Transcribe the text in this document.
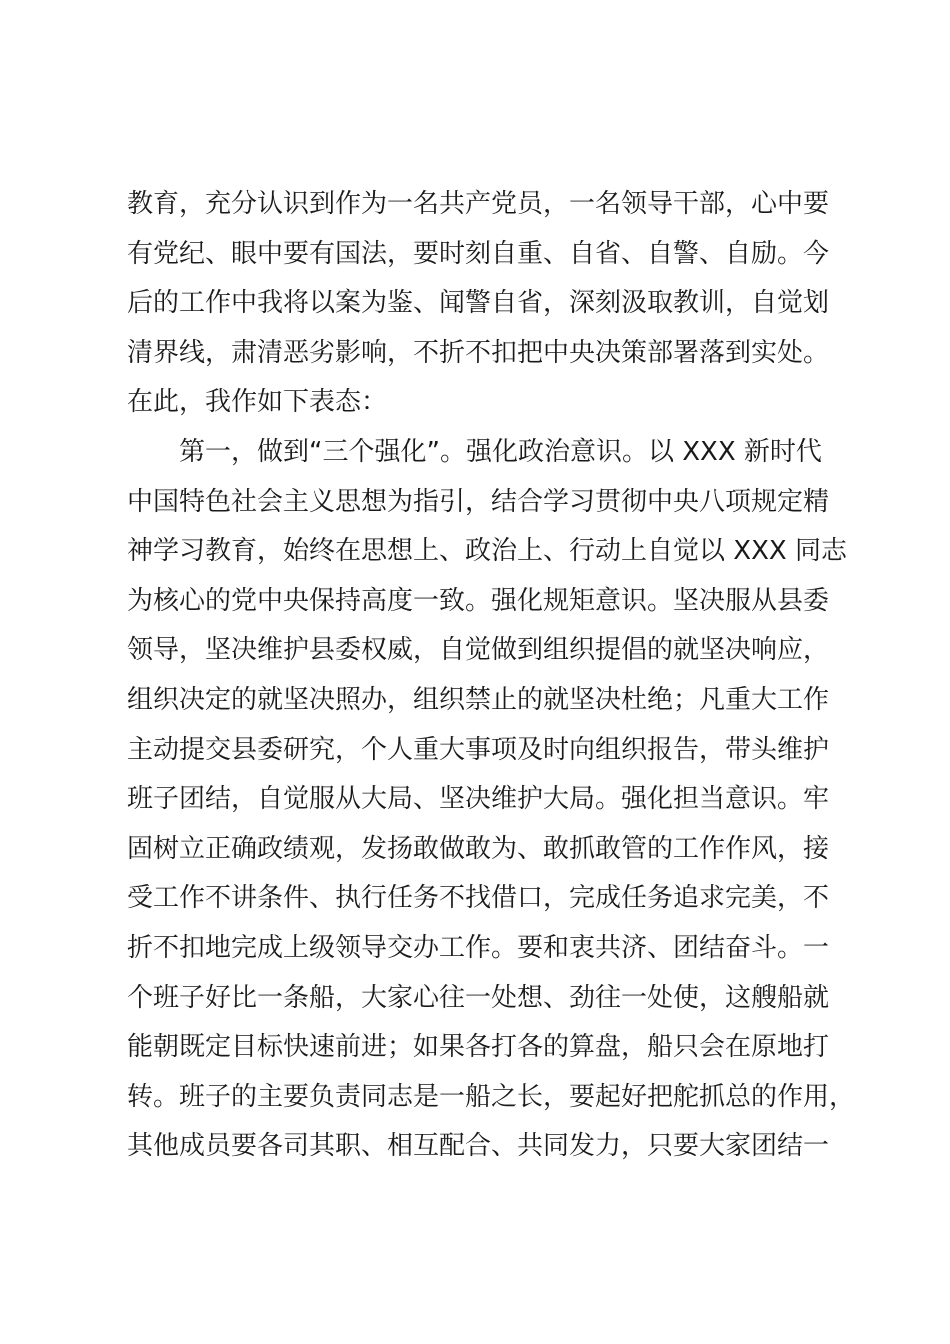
教育，充分认识到作为一名共产党员，一名领导干部，心中要
有党纪、眼中要有国法，要时刻自重、自省、自警、自励。今
后的工作中我将以案为鉴、闻警自省，深刻汲取教训，自觉划
清界线，肃清恶劣影响，不折不扣把中央决策部署落到实处。
在此，我作如下表态：
第一，做到“三个强化”。强化政治意识。以 XXX 新时代
中国特色社会主义思想为指引，结合学习贯彻中央八项规定精
神学习教育，始终在思想上、政治上、行动上自觉以 XXX 同志
为核心的党中央保持高度一致。强化规矩意识。坚决服从县委
领导，坚决维护县委权威，自觉做到组织提倡的就坚决响应，
组织决定的就坚决照办，组织禁止的就坚决杜绝；凡重大工作
主动提交县委研究，个人重大事项及时向组织报告，带头维护
班子团结，自觉服从大局、坚决维护大局。强化担当意识。牢
固树立正确政绩观，发扬敢做敢为、敢抓敢管的工作作风，接
受工作不讲条件、执行任务不找借口，完成任务追求完美，不
折不扣地完成上级领导交办工作。要和衷共济、团结奋斗。一
个班子好比一条船，大家心往一处想、劲往一处使，这艘船就
能朝既定目标快速前进；如果各打各的算盘，船只会在原地打
转。班子的主要负责同志是一船之长，要起好把舵抓总的作用，
其他成员要各司其职、相互配合、共同发力，只要大家团结一
